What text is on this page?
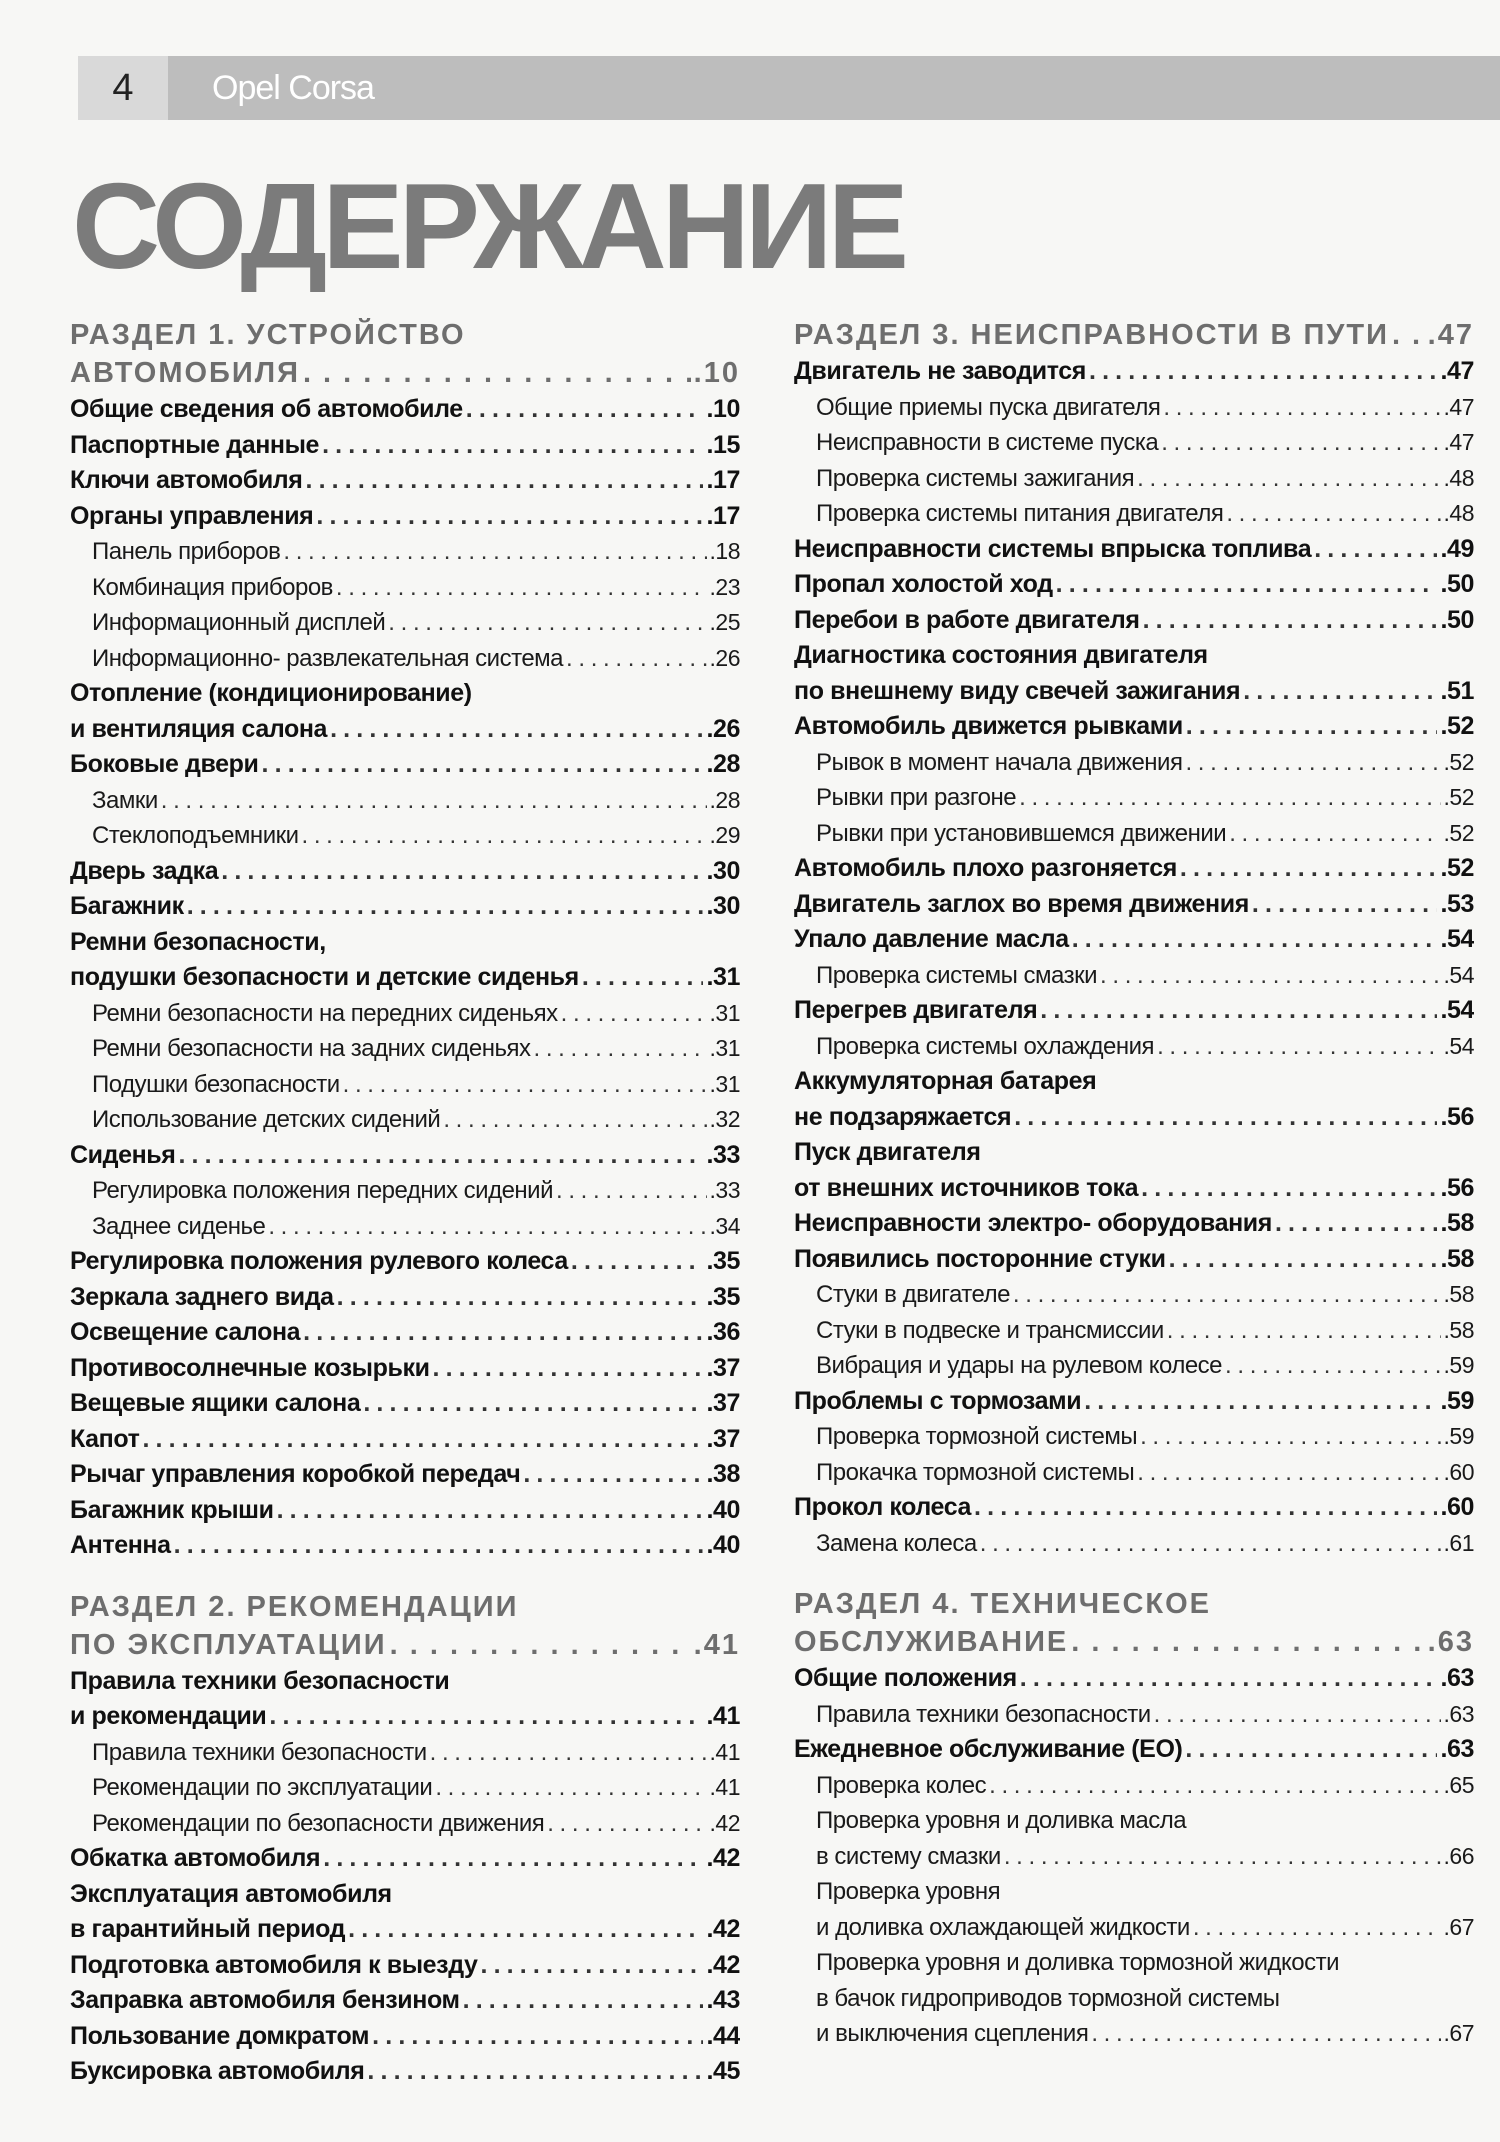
4	Opel Corsa
СОДЕРЖАНИЕ
РАЗДЕЛ 1. УСТРОЙСТВО
АВТОМОБИЛЯ . . .	.10
Общие сведения об автомобиле . . .	.10
Паспортные данные . . .	.15
Ключи автомобиля . . .	.17
Органы управления . . .	.17
Панель приборов . . .	.18
Комбинация приборов . . .	.23
Информационный дисплей . . .	.25
Информационно- развлекательная система . . .	.26
Отопление (кондиционирование)
и вентиляция салона . . .	.26
Боковые двери . . .	.28
Замки . . .	.28
Стеклоподъемники . . .	.29
Дверь задка . . .	.30
Багажник . . .	.30
Ремни безопасности,
подушки безопасности и детские сиденья . . .	.31
Ремни безопасности на передних сиденьях . . .	.31
Ремни безопасности на задних сиденьях . . .	.31
Подушки безопасности . . .	.31
Использование детских сидений . . .	.32
Сиденья . . .	.33
Регулировка положения передних сидений . . .	.33
Заднее сиденье . . .	.34
Регулировка положения рулевого колеса . . .	.35
Зеркала заднего вида . . .	.35
Освещение салона . . .	.36
Противосолнечные козырьки . . .	.37
Вещевые ящики салона . . .	.37
Капот . . .	.37
Рычаг управления коробкой передач . . .	.38
Багажник крыши . . .	.40
Антенна . . .	.40
РАЗДЕЛ 2. РЕКОМЕНДАЦИИ
ПО ЭКСПЛУАТАЦИИ . . .	.41
Правила техники безопасности
и рекомендации . . .	.41
Правила техники безопасности . . .	.41
Рекомендации по эксплуатации . . .	.41
Рекомендации по безопасности движения . . .	.42
Обкатка автомобиля . . .	.42
Эксплуатация автомобиля
в гарантийный период . . .	.42
Подготовка автомобиля к выезду . . .	.42
Заправка автомобиля бензином . . .	.43
Пользование домкратом . . .	.44
Буксировка автомобиля . . .	.45
РАЗДЕЛ 3. НЕИСПРАВНОСТИ В ПУТИ . . . .47
Двигатель не заводится . . .	.47
Общие приемы пуска двигателя . . .	.47
Неисправности в системе пуска . . .	.47
Проверка системы зажигания . . .	.48
Проверка системы питания двигателя . . .	.48
Неисправности системы впрыска топлива . . .	.49
Пропал холостой ход . . .	.50
Перебои в работе двигателя . . .	.50
Диагностика состояния двигателя
по внешнему виду свечей зажигания . . .	.51
Автомобиль движется рывками . . .	.52
Рывок в момент начала движения . . .	.52
Рывки при разгоне . . .	.52
Рывки при установившемся движении . . .	.52
Автомобиль плохо разгоняется . . .	.52
Двигатель заглох во время движения . . .	.53
Упало давление масла . . .	.54
Проверка системы смазки . . .	.54
Перегрев двигателя . . .	.54
Проверка системы охлаждения . . .	.54
Аккумуляторная батарея
не подзаряжается . . .	.56
Пуск двигателя
от внешних источников тока . . .	.56
Неисправности электро- оборудования . . .	.58
Появились посторонние стуки . . .	.58
Стуки в двигателе . . .	.58
Стуки в подвеске и трансмиссии . . .	.58
Вибрация и удары на рулевом колесе . . .	.59
Проблемы с тормозами . . .	.59
Проверка тормозной системы . . .	.59
Прокачка тормозной системы . . .	.60
Прокол колеса . . .	.60
Замена колеса . . .	.61
РАЗДЕЛ 4. ТЕХНИЧЕСКОЕ
ОБСЛУЖИВАНИЕ . . .	.63
Общие положения . . .	.63
Правила техники безопасности . . .	.63
Ежедневное обслуживание (ЕО) . . .	.63
Проверка колес . . .	.65
Проверка уровня и доливка масла
в систему смазки . . .	.66
Проверка уровня
и доливка охлаждающей жидкости . . .	.67
Проверка уровня и доливка тормозной жидкости
в бачок гидроприводов тормозной системы
и выключения сцепления . . .	.67
